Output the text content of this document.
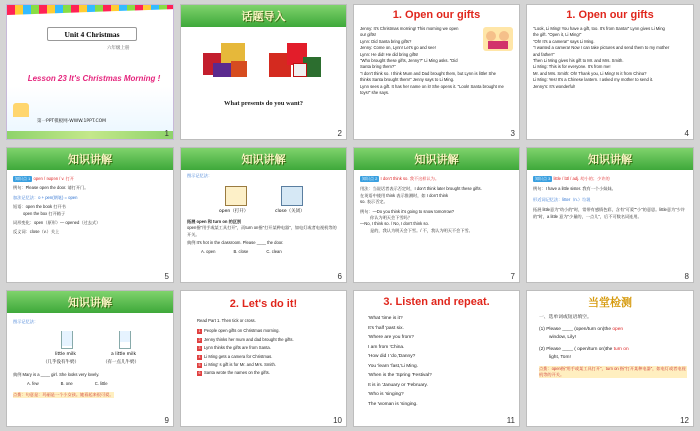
Unit 4 Christmas
六年级上册
Lesson 23 It's Christmas Morning !
第一PPT模板网-WWW.1PPT.COM
1
话题导入
What presents do you want?
2
1. Open our gifts
Jenny: It's Christmas morning! This morning we open
our gifts!
Lynn: Did Santa bring gifts?
Jenny: Come on, Lynn! Let's go and see!
Lynn: He did! He did bring gifts!
"Who brought these gifts, Jenny?" Li Ming asks. "Did
Santa bring them?"
"I don't think so. I think Mum and Dad brought them, but Lynn is little! She
thinks Santa brought them!" Jenny says to Li Ming.
Lynn sees a gift. It has her name on it! She opens it. "Look! Santa brought me
toys!" she says.
3
1. Open our gifts
"Look, Li Ming! You have a gift, too. It's from Santa!" Lynn gives Li Ming
the gift. "Open it, Li Ming!"
"Oh! It's a camera!" says Li Ming.
"I wanted a camera! Now I can take pictures and send them to my mother
and father!"
Then Li Ming gives his gift to Mr. and Mrs. Smith.
Li Ming: This is for everyone. It's from me!
Mr. and Mrs. Smith: Oh! Thank you, Li Ming! Is it from China?
Li Ming: Yes! It's a Chinese lantern. I asked my mother to send it.
Jenny's: It's wonderful!
4
知识讲解
知识点 1 open / əʊpən / v. 打开
例句：Please open the door. 请打开门。
加法记忆法：o + pen(钢笔) = open
短语：open the book 打开书
open the box 打开箱子
词形变化：open（原形）— opened（过去式）
反义词：close（v.）关上
5
知识讲解
图示记忆法：
open（打开）	close（关闭）
拓展 open 和 turn on 的区别
open指"用手或某工具打开"，而turn on指"打开某种电器"，如电灯或者电视机等的开关。
典例 It's hot in the classroom. Please ____ the door.
A. open	B. close	C. clean
6
知识讲解
知识点 2 I don't think so. 我不这样认为。
用法：当说话者表示否定时，I don't think later brought these gifts.
在英语中使用 think 表示推测时，如 I don't think
so. 表示否定。
例句：—Do you think it's going to snow tomorrow?
你认为明天会下雪吗？
—No, I think so. / No, I don't think so.
是的，我认为明天会下雪。/ 不，我认为明天不会下雪。
7
知识讲解
知识点 3 little / lɪtl / adj. 幼小的；少许的
例句：I have a little sister. 我有一个小妹妹。
形近词记忆法：litter（n.）垃圾
拓展 little意为"幼小的"时，常带有感情色彩，含有"可爱""小"的意思。little意为"少许的"时，a little 意为"少量的，一点儿"，后不可数名词连用。
8
知识讲解
图示记忆法：
little milk
（几乎没有牛奶）
a little milk
（有一点儿牛奶）
典例 Mary is a ____ girl. She looks very lovely.
A. few	B. one	C. little
点拨：句意是：玛丽是一个小女孩。她看起来很可爱。
9
2. Let's do it!
Read Part 1. Then tick or cross.
1 People open gifts on Christmas morning.
2 Jenny thinks her mum and dad brought the gifts.
3 Lynn thinks the gifts are from Santa.
4 Li Ming gets a camera for Christmas.
5 Li Ming' s gift is for Mr. and Mrs. Smith.
6 Santa wrote the names on the gifts.
10
3. Listen and repeat.
'What 'time is it?
It's 'half 'past six.
'Where are you from?
I am from 'China.
'How did I 'do,'Danny?
You 'learn 'fast,'Li Ming.
'When is the 'Spring 'Festival?
It is in 'January or 'February.
'Who is 'singing?
The 'woman is 'singing.
11
当堂检测
一、选单词或短语填空。
(1) Please ____ (open/turn on)the open
window, Lily!
(2) Please ____ ( open/turn on)the turn on
light, Tom!
点拨：open指"用手或某工具打开"，turn on 指"打开某种电器"，如电灯或者电视机等的开关。
12
